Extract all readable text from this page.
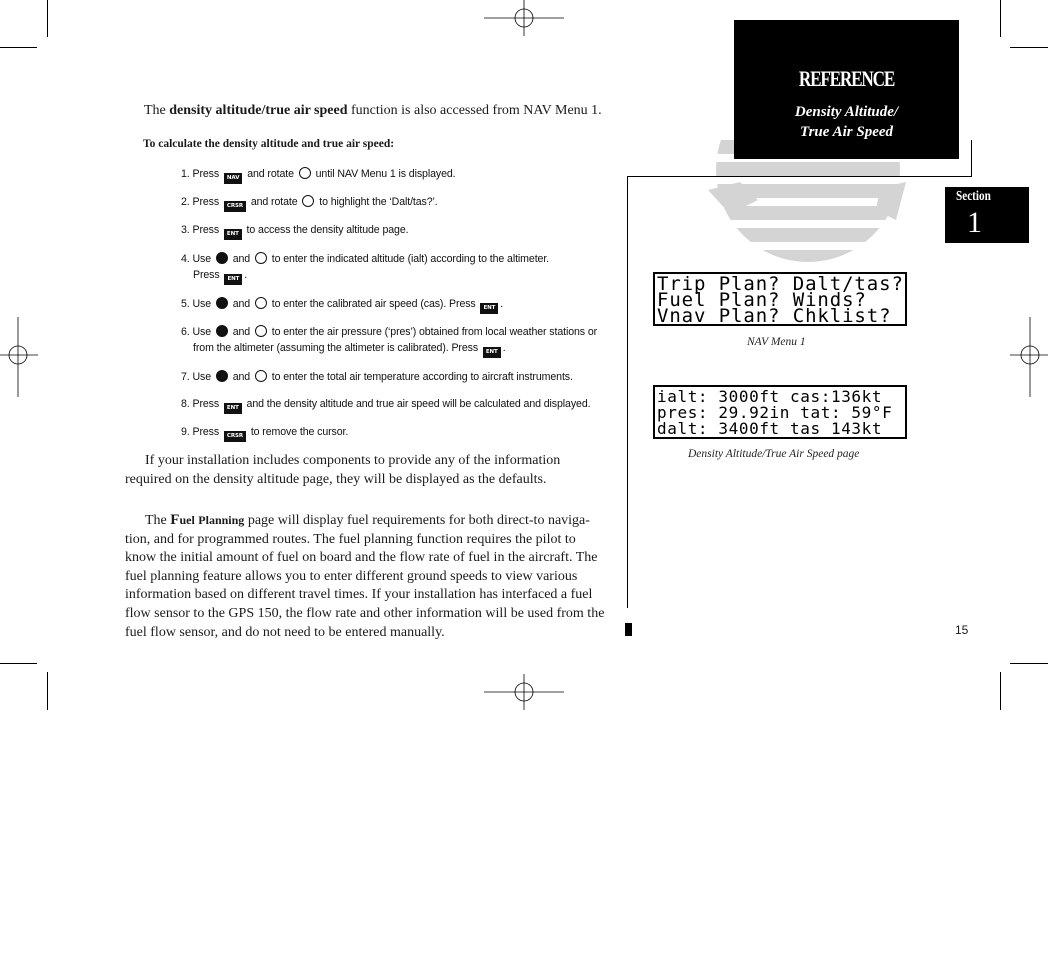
The density altitude/true air speed function is also accessed from NAV Menu 1.
To calculate the density altitude and true air speed:
1. Press NAV and rotate  until NAV Menu 1 is displayed.
2. Press CRSR and rotate  to highlight the ‘Dalt/tas?’.
3. Press ENT to access the density altitude page.
4. Use  and  to enter the indicated altitude (ialt) according to the altimeter.
Press ENT .
5. Use  and  to enter the calibrated air speed (cas). Press ENT .
6. Use  and  to enter the air pressure (‘pres’) obtained from local weather stations or
from the altimeter (assuming the altimeter is calibrated). Press ENT .
7. Use  and  to enter the total air temperature according to aircraft instruments.
8. Press ENT and the density altitude and true air speed will be calculated and displayed.
9. Press CRSR to remove the cursor.
If your installation includes components to provide any of the information
required on the density altitude page, they will be displayed as the defaults.
The Fuel Planning page will display fuel requirements for both direct-to naviga-
tion, and for programmed routes. The fuel planning function requires the pilot to
know the initial amount of fuel on board and the flow rate of fuel in the aircraft. The
fuel planning feature allows you to enter different ground speeds to view various
information based on different travel times. If your installation has interfaced a fuel
flow sensor to the GPS 150, the flow rate and other information will be used from the
fuel flow sensor, and do not need to be entered manually.
REFERENCE
Density Altitude/
True Air Speed
Section
1
Trip Plan? Dalt/tas?
Fuel Plan? Winds?
Vnav Plan? Chklist?
NAV Menu 1
ialt: 3000ft cas:136kt
pres: 29.92in tat: 59°F
dalt: 3400ft tas 143kt
Density Altitude/True Air Speed page
15
